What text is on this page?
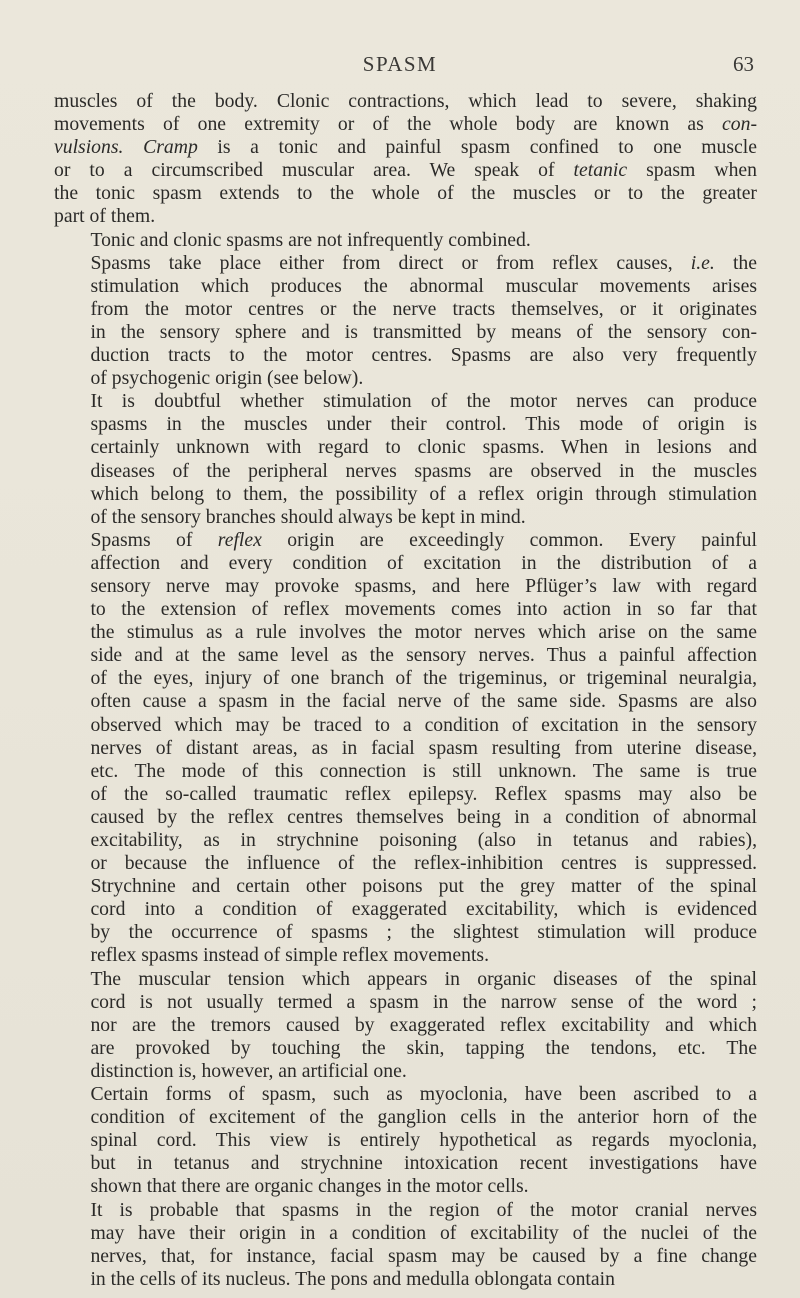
SPASM	63

muscles of the body. Clonic contractions, which lead to severe, shaking
movements of one extremity or of the whole body are known as con-
vulsions. Cramp is a tonic and painful spasm confined to one muscle
or to a circumscribed muscular area. We speak of tetanic spasm when
the tonic spasm extends to the whole of the muscles or to the greater
part of them.

Tonic and clonic spasms are not infrequently combined.

Spasms take place either from direct or from reflex causes, i.e. the
stimulation which produces the abnormal muscular movements arises
from the motor centres or the nerve tracts themselves, or it originates
in the sensory sphere and is transmitted by means of the sensory con-
duction tracts to the motor centres. Spasms are also very frequently
of psychogenic origin (see below).

It is doubtful whether stimulation of the motor nerves can produce
spasms in the muscles under their control. This mode of origin is
certainly unknown with regard to clonic spasms. When in lesions and
diseases of the peripheral nerves spasms are observed in the muscles
which belong to them, the possibility of a reflex origin through stimulation
of the sensory branches should always be kept in mind.

Spasms of reflex origin are exceedingly common. Every painful
affection and every condition of excitation in the distribution of a
sensory nerve may provoke spasms, and here Pflüger’s law with regard
to the extension of reflex movements comes into action in so far that
the stimulus as a rule involves the motor nerves which arise on the same
side and at the same level as the sensory nerves. Thus a painful affection
of the eyes, injury of one branch of the trigeminus, or trigeminal neuralgia,
often cause a spasm in the facial nerve of the same side. Spasms are also
observed which may be traced to a condition of excitation in the sensory
nerves of distant areas, as in facial spasm resulting from uterine disease,
etc. The mode of this connection is still unknown. The same is true
of the so-called traumatic reflex epilepsy. Reflex spasms may also be
caused by the reflex centres themselves being in a condition of abnormal
excitability, as in strychnine poisoning (also in tetanus and rabies),
or because the influence of the reflex-inhibition centres is suppressed.
Strychnine and certain other poisons put the grey matter of the spinal
cord into a condition of exaggerated excitability, which is evidenced
by the occurrence of spasms ; the slightest stimulation will produce
reflex spasms instead of simple reflex movements.

The muscular tension which appears in organic diseases of the spinal
cord is not usually termed a spasm in the narrow sense of the word ;
nor are the tremors caused by exaggerated reflex excitability and which
are provoked by touching the skin, tapping the tendons, etc. The
distinction is, however, an artificial one.

Certain forms of spasm, such as myoclonia, have been ascribed to a
condition of excitement of the ganglion cells in the anterior horn of the
spinal cord. This view is entirely hypothetical as regards myoclonia,
but in tetanus and strychnine intoxication recent investigations have
shown that there are organic changes in the motor cells.

It is probable that spasms in the region of the motor cranial nerves
may have their origin in a condition of excitability of the nuclei of the
nerves, that, for instance, facial spasm may be caused by a fine change
in the cells of its nucleus. The pons and medulla oblongata contain
